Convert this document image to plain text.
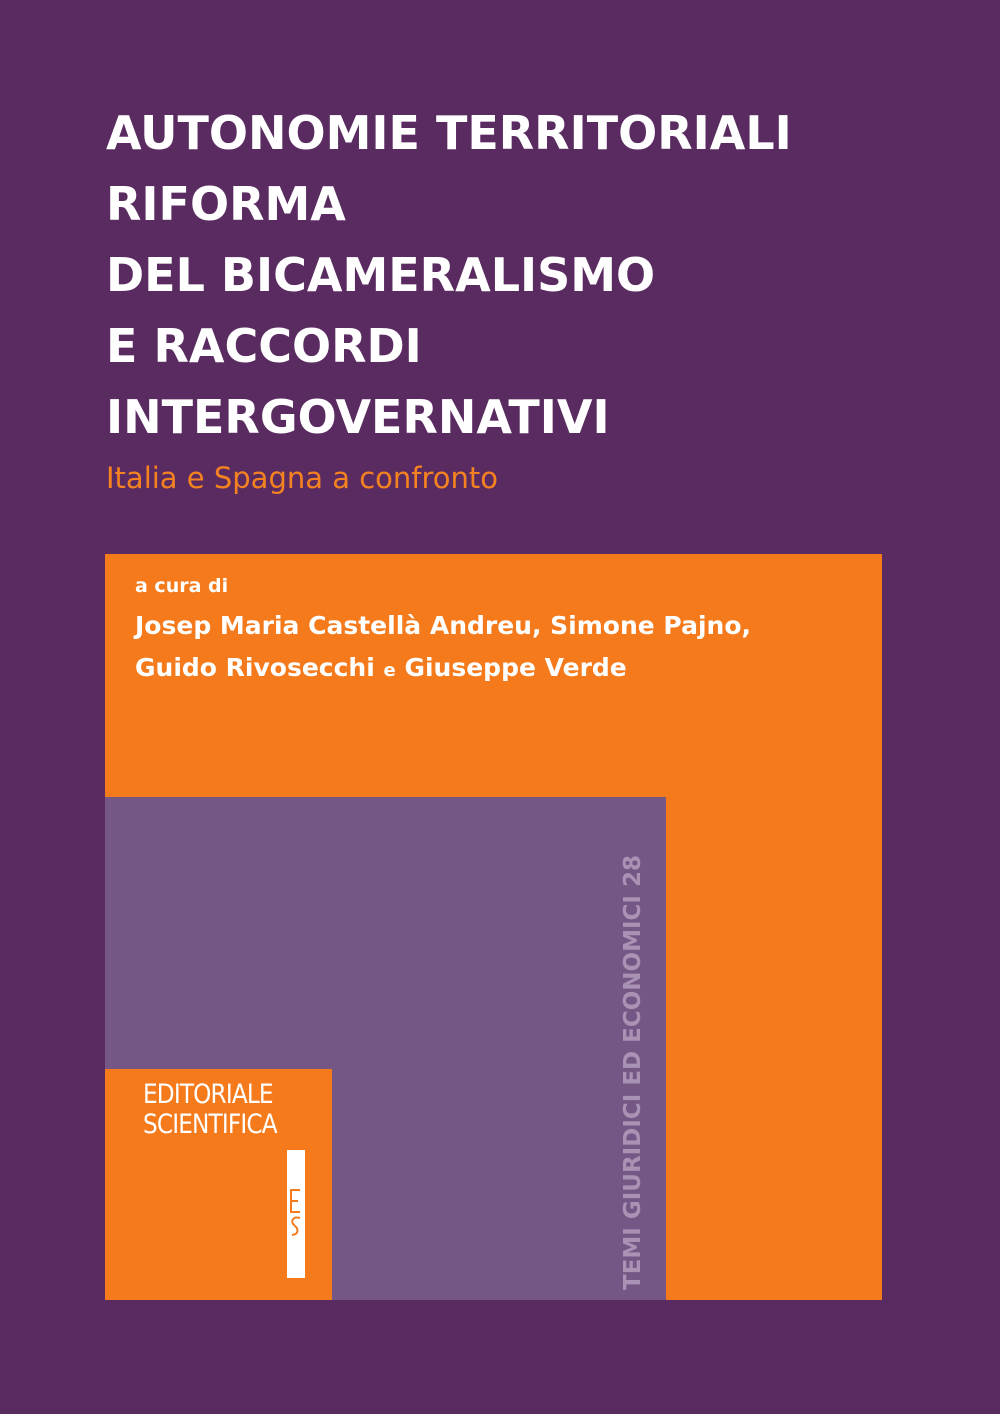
AUTONOMIE TERRITORIALI
RIFORMA
DEL BICAMERALISMO
E RACCORDI
INTERGOVERNATIVI
Italia e Spagna a confronto
a cura di
Josep Maria Castellà Andreu, Simone Pajno,
Guido Rivosecchi e Giuseppe Verde
TEMI GIURIDICI ED ECONOMICI 28
EDITORIALE
SCIENTIFICA
